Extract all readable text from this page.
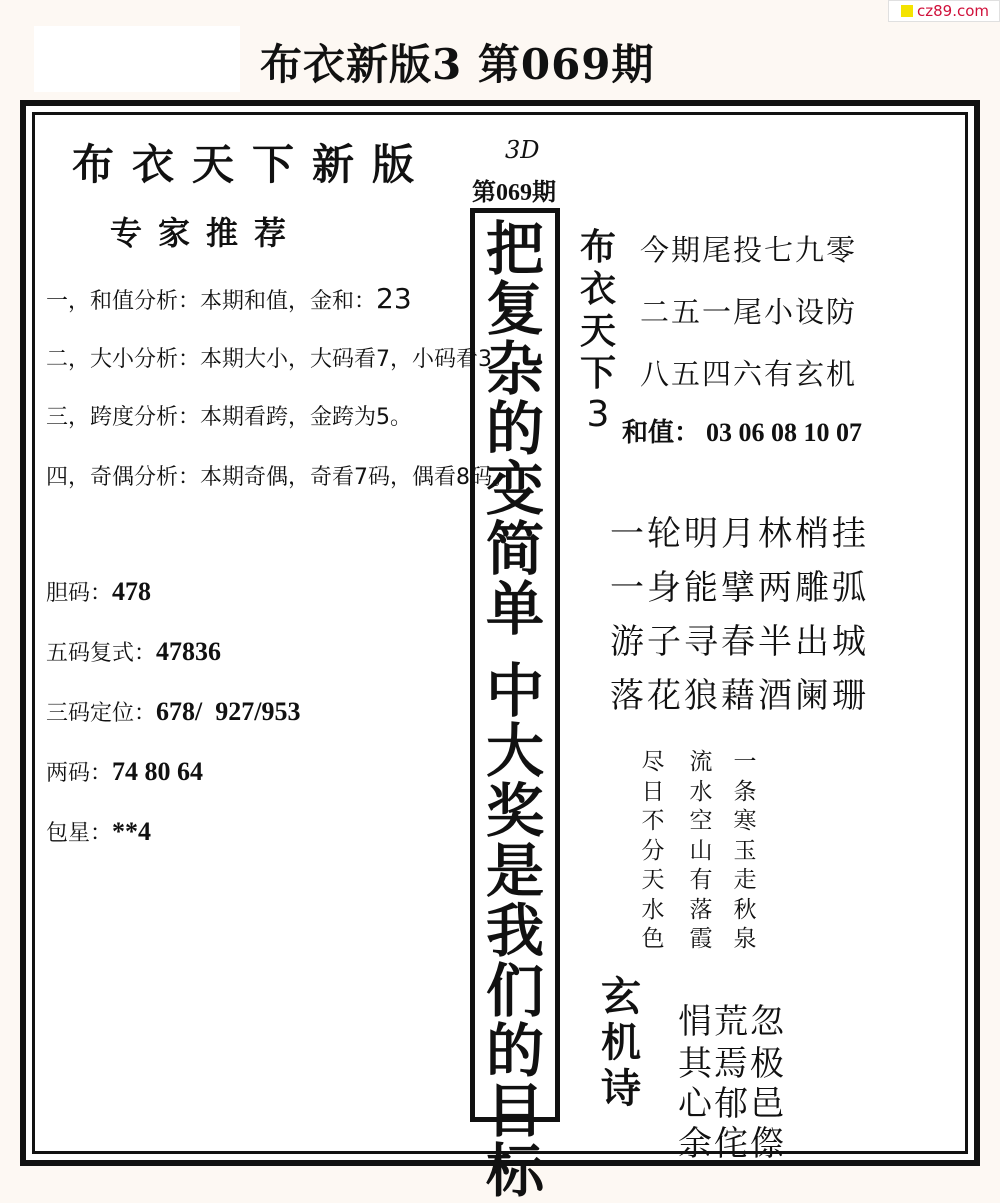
cz89.com
布衣新版3 第069期
布衣天下新版
专家推荐
一，和值分析：本期和值，金和：23
二，大小分析：本期大小，大码看7，小码看3
三，跨度分析：本期看跨，金跨为5。
四，奇偶分析：本期奇偶，奇看7码，偶看8码。
胆码：478
五码复式：47836
三码定位：678/  927/953
两码：74 80 64
包星：**4
3D
第069期
把
复
杂
的
变
简
单
中
大
奖
是
我
们
的
目
标
布
衣
天
下
3
今期尾投七九零
二五一尾小设防
八五四六有玄机
和值： 03 06 08 10 07
一轮明月林梢挂
一身能擘两雕弧
游子寻春半出城
落花狼藉酒阑珊
尽
日
不
分
天
水
色
流
水
空
山
有
落
霞
一
条
寒
玉
走
秋
泉
玄
机
诗
悁荒忽
其焉极
心郁邑
余侘傺
